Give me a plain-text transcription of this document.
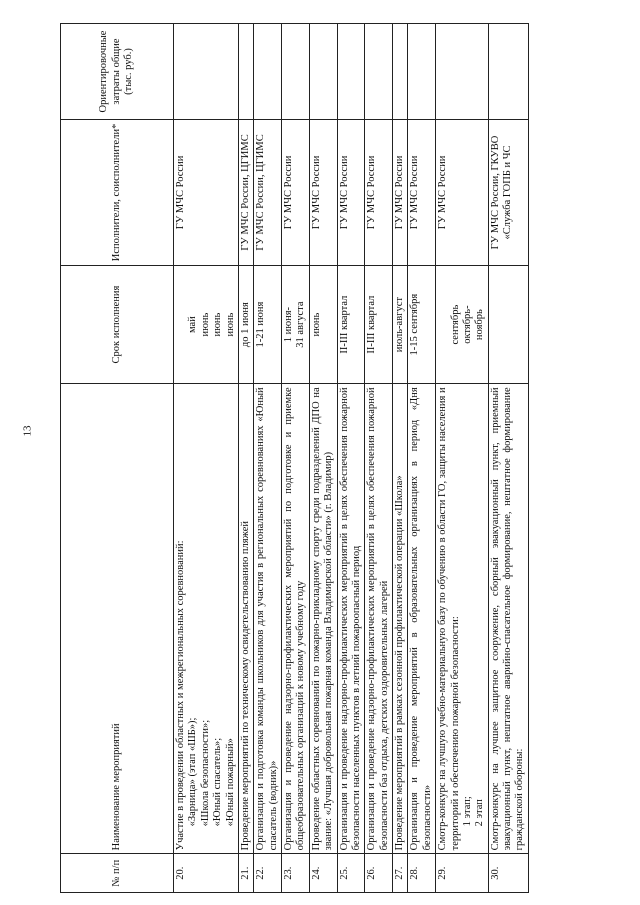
13
№ п/п	Наименование мероприятий	Срок исполнения	Исполнители, соисполнители*	Ориентировочные затраты общие (тыс. руб.)
20.	Участие в проведении областных и межрегиональных соревнований: «Зарница» (этап «ШБ»); «Школа безопасности»; «Юный спасатель»; «Юный пожарный»	май июнь июнь июнь	ГУ МЧС России	
21.	Проведение мероприятий по техническому освидетельствованию пляжей	до 1 июня	ГУ МЧС России, ЦГИМС	
22.	Организация и подготовка команды школьников для участия в региональных соревнованиях «Юный спасатель (водник)»	1-21 июня	ГУ МЧС России, ЦГИМС	
23.	Организация и проведение надзорно-профилактических мероприятий по подготовке и приемке общеобразовательных организаций к новому учебному году	1 июня- 31 августа	ГУ МЧС России	
24.	Проведение областных соревнований по пожарно-прикладному спорту среди подразделений ДПО на звание: «Лучшая добровольная пожарная команда Владимирской области» (г. Владимир)	июнь	ГУ МЧС России	
25.	Организация и проведение надзорно-профилактических мероприятий в целях обеспечения пожарной безопасности населенных пунктов в летний пожароопасный период	II-III квартал	ГУ МЧС России	
26.	Организация и проведение надзорно-профилактических мероприятий в целях обеспечения пожарной безопасности баз отдыха, детских оздоровительных лагерей	II-III квартал	ГУ МЧС России	
27.	Проведение мероприятий в рамках сезонной профилактической операции «Школа»	июль-август	ГУ МЧС России	
28.	Организация и проведение мероприятий в образовательных организациях в период «Дня безопасности»	1-15 сентября	ГУ МЧС России	
29.	Смотр-конкурс на лучшую учебно-материальную базу по обучению в области ГО, защиты населения и территорий и обеспечению пожарной безопасности: 1 этап; 2 этап	сентябрь октябрь- ноябрь	ГУ МЧС России	
30.	Смотр-конкурс на лучшее защитное сооружение, сборный эвакуационный пункт, приемный эвакуационный пункт, нештатное аварийно-спасательное формирование, нештатное формирование гражданской обороны:		ГУ МЧС России, ГКУВО «Служба ГОПБ и ЧС	
